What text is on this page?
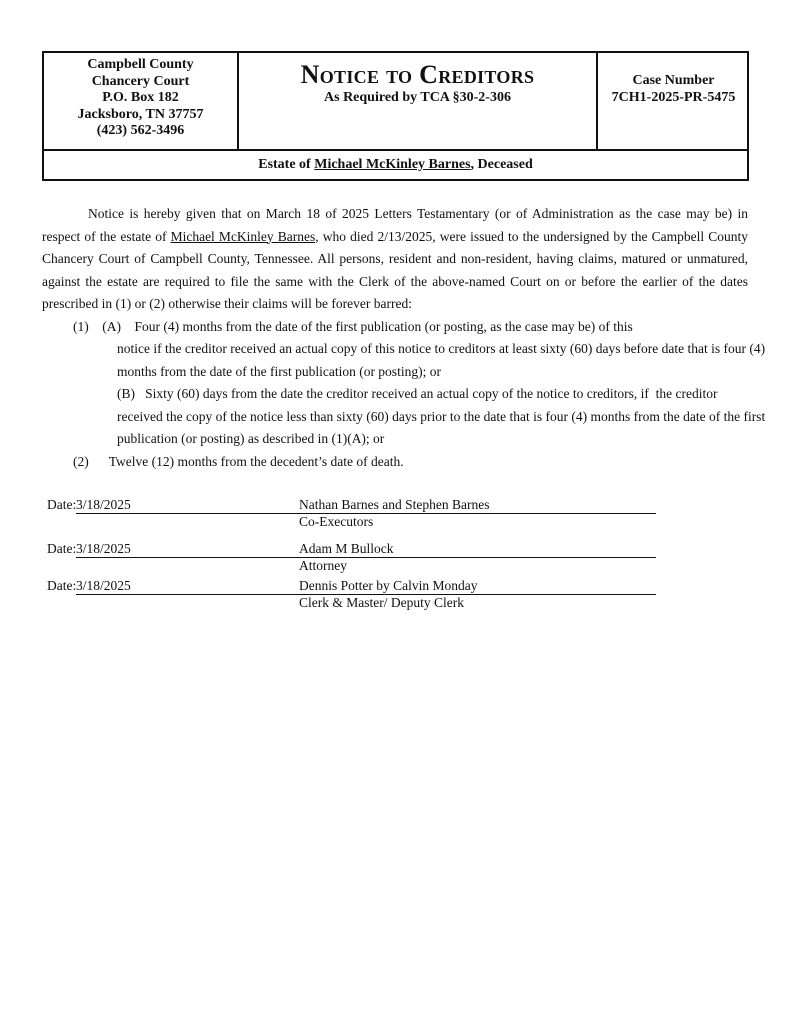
Campbell County
Chancery Court
P.O. Box 182
Jacksboro, TN 37757
(423) 562-3496
Notice to Creditors
As Required by TCA §30-2-306
Case Number
7CH1-2025-PR-5475
Estate of Michael McKinley Barnes, Deceased
Notice is hereby given that on March 18 of 2025 Letters Testamentary (or of Administration as the case may be) in respect of the estate of Michael McKinley Barnes, who died 2/13/2025, were issued to the undersigned by the Campbell County Chancery Court of Campbell County, Tennessee. All persons, resident and non-resident, having claims, matured or unmatured, against the estate are required to file the same with the Clerk of the above-named Court on or before the earlier of the dates prescribed in (1) or (2) otherwise their claims will be forever barred:
(1)    (A)    Four (4) months from the date of the first publication (or posting, as the case may be) of this
notice if the creditor received an actual copy of this notice to creditors at least sixty (60) days before date that is four (4)
months from the date of the first publication (or posting); or
(B)   Sixty (60) days from the date the creditor received an actual copy of the notice to creditors, if  the creditor
received the copy of the notice less than sixty (60) days prior to the date that is four (4) months from the date of the first
publication (or posting) as described in (1)(A); or
(2)      Twelve (12) months from the decedent’s date of death.
Date: 3/18/2025	Nathan Barnes and Stephen Barnes
Co-Executors
Date: 3/18/2025	Adam M Bullock
Attorney
Date: 3/18/2025	Dennis Potter by Calvin Monday
Clerk & Master/ Deputy Clerk
